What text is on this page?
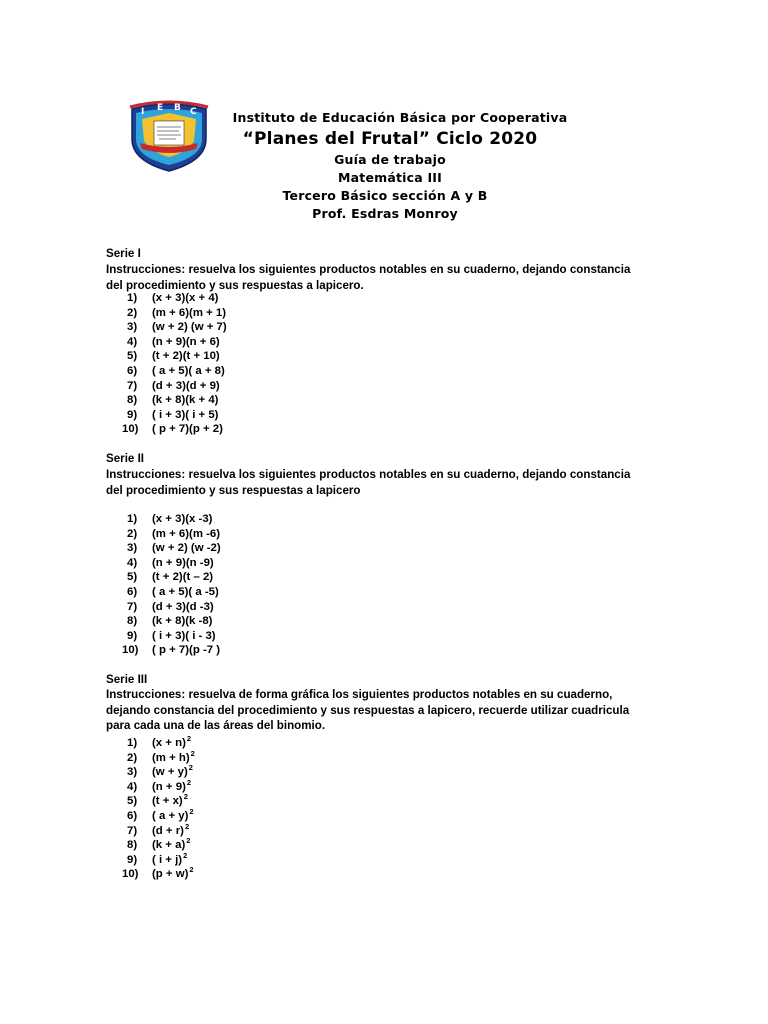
I E B C	Instituto de Educación Básica por Cooperativa
“Planes del Frutal” Ciclo 2020
Guía de trabajo
Matemática III
Tercero Básico sección A y B
Prof. Esdras Monroy
Serie I
Instrucciones: resuelva los siguientes productos notables en su cuaderno, dejando constancia del procedimiento y sus respuestas a lapicero.
1) (x + 3)(x + 4)
2) (m + 6)(m + 1)
3) (w + 2) (w + 7)
4) (n + 9)(n + 6)
5) (t + 2)(t + 10)
6) ( a + 5)( a + 8)
7) (d + 3)(d + 9)
8) (k + 8)(k + 4)
9) ( i + 3)( i + 5)
10) ( p + 7)(p + 2)
Serie II
Instrucciones: resuelva los siguientes productos notables en su cuaderno, dejando constancia del procedimiento y sus respuestas a lapicero
1) (x + 3)(x -3)
2) (m + 6)(m -6)
3) (w + 2) (w -2)
4) (n + 9)(n -9)
5) (t + 2)(t – 2)
6) ( a + 5)( a -5)
7) (d + 3)(d -3)
8) (k + 8)(k -8)
9) ( i + 3)( i - 3)
10) ( p + 7)(p -7 )
Serie III
Instrucciones: resuelva de forma gráfica los siguientes productos notables en su cuaderno, dejando constancia del procedimiento y sus respuestas a lapicero, recuerde utilizar cuadricula para cada una de las áreas del binomio.
1) $(x + n)^2$
2) $(m + h)^2$
3) $(w + y)^2$
4) $(n + 9)^2$
5) $(t + x)^2$
6) ( a + y)$^2$
7) $(d + r)^2$
8) $(k + a)^2$
9) ( i + j)$^2$
10) $(p + w)^2$
